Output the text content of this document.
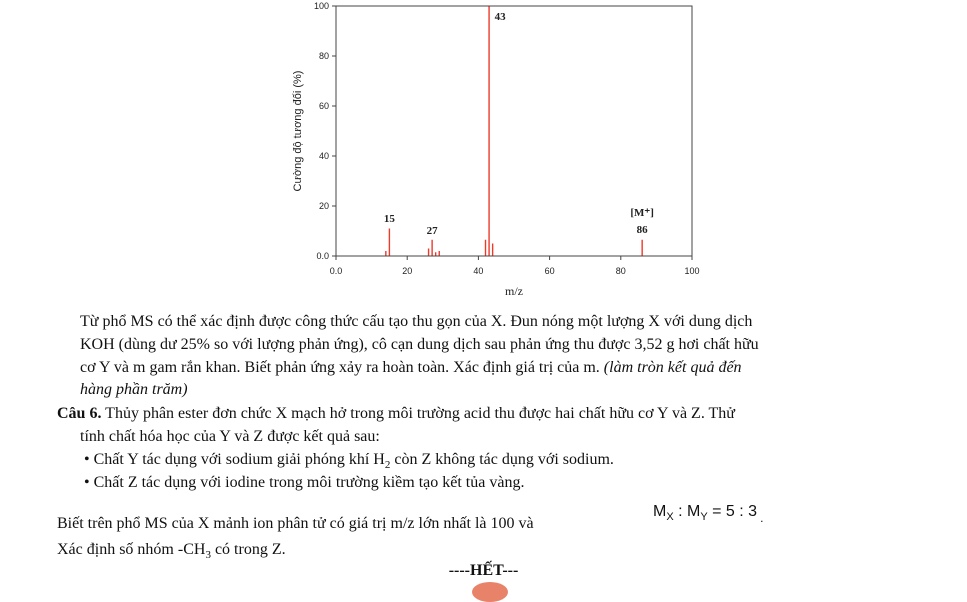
0.0	20	40	60	80	100
0.0
20
40
60
80
100
43
15
27
[M⁺]
86
Cường độ tương đối (%)
m/z
Từ phổ MS có thể xác định được công thức cấu tạo thu gọn của X. Đun nóng một lượng X với dung dịch
KOH (dùng dư 25% so với lượng phản ứng), cô cạn dung dịch sau phản ứng thu được 3,52 g hơi chất hữu
cơ Y và m gam rắn khan. Biết phản ứng xảy ra hoàn toàn. Xác định giá trị của m. (làm tròn kết quả đến
hàng phần trăm)
Câu 6. Thủy phân ester đơn chức X mạch hở trong môi trường acid thu được hai chất hữu cơ Y và Z. Thử
tính chất hóa học của Y và Z được kết quả sau:
• Chất Y tác dụng với sodium giải phóng khí $H_2$ còn Z không tác dụng với sodium.
• Chất Z tác dụng với iodine trong môi trường kiềm tạo kết tủa vàng.
Biết trên phổ MS của X mảnh ion phân tử có giá trị m/z lớn nhất là 100 và
$M_X$ : $M_Y = 5$ : 3 $_.$
Xác định số nhóm $-CH_3$ có trong Z.
----HẾT---
